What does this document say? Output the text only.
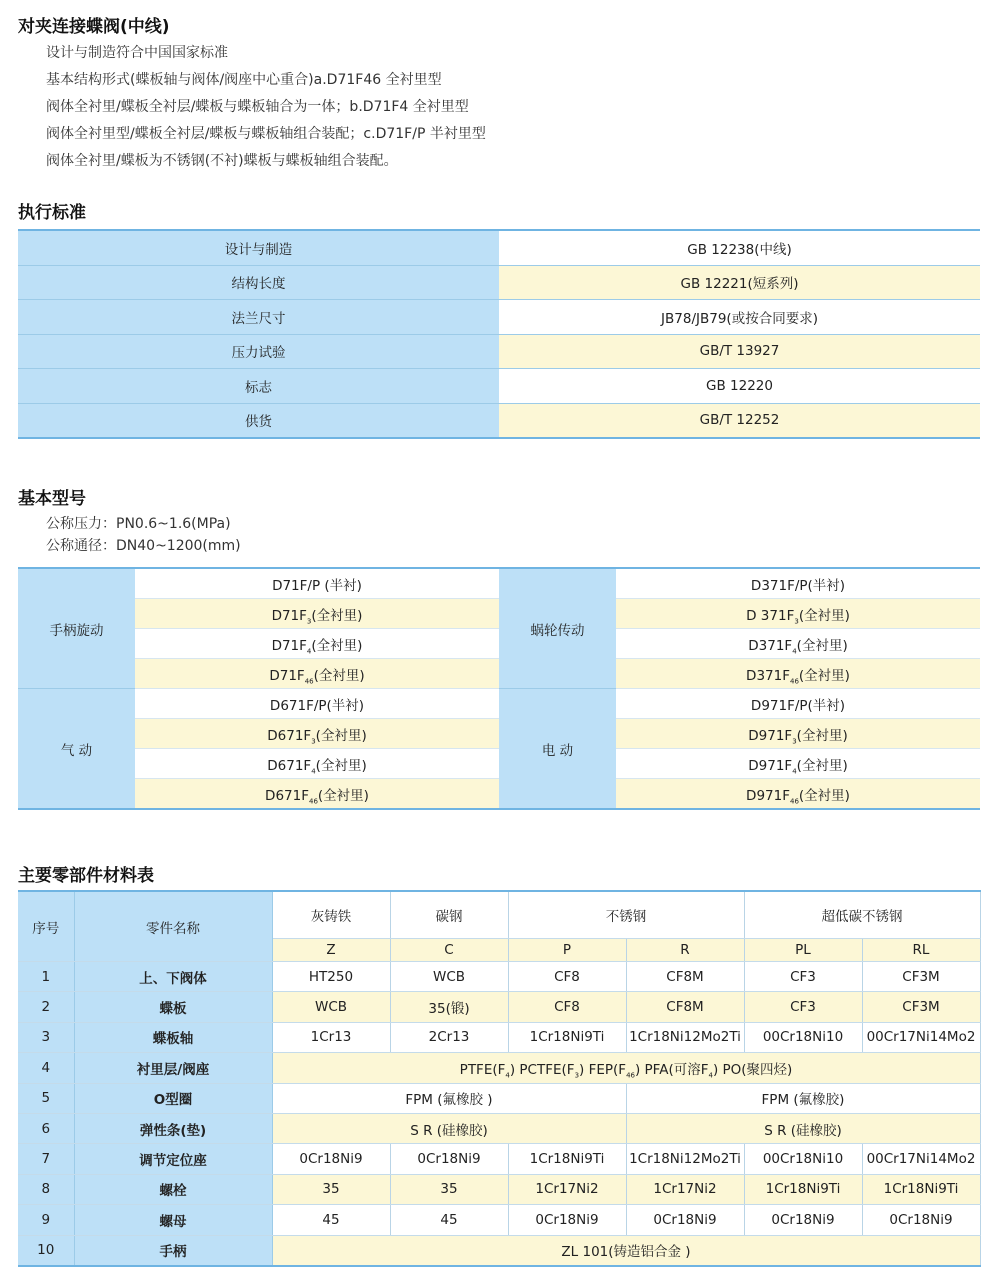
对夹连接蝶阀(中线)
设计与制造符合中国国家标准
基本结构形式(蝶板轴与阀体/阀座中心重合)a.D71F46 全衬里型
阀体全衬里/蝶板全衬层/蝶板与蝶板轴合为一体；b.D71F4 全衬里型
阀体全衬里型/蝶板全衬层/蝶板与蝶板轴组合装配；c.D71F/P 半衬里型
阀体全衬里/蝶板为不锈钢(不衬)蝶板与蝶板轴组合装配。
执行标准
设计与制造	GB 12238(中线)
结构长度	GB 12221(短系列)
法兰尺寸	JB78/JB79(或按合同要求)
压力试验	GB/T 13927
标志	GB 12220
供货	GB/T 12252
基本型号
公称压力：PN0.6~1.6(MPa)
公称通径：DN40~1200(mm)
手柄旋动	D71F/P (半衬)	蜗轮传动	D371F/P(半衬)
	$D71F_3$(全衬里)		D $371F_3$(全衬里)
	$D71F_4$(全衬里)		$D371F_4$(全衬里)
	$D71F_{46}$(全衬里)		$D371F_{46}$(全衬里)
气 动	D671F/P(半衬)	电 动	D971F/P(半衬)
	$D671F_3$(全衬里)		$D971F_3$(全衬里)
	$D671F_4$(全衬里)		$D971F_4$(全衬里)
	$D671F_{46}$(全衬里)		$D971F_{46}$(全衬里)
主要零部件材料表
序号	零件名称	灰铸铁	碳钢	不锈钢		超低碳不锈钢	
		Z	C	P	R	PL	RL
1	上、下阀体	HT250	WCB	CF8	CF8M	CF3	CF3M
2	蝶板	WCB	35(锻)	CF8	CF8M	CF3	CF3M
3	蝶板轴	1Cr13	2Cr13	1Cr18Ni9Ti	1Cr18Ni12Mo2Ti	00Cr18Ni10	00Cr17Ni14Mo2
4	衬里层/阀座	$PTFE(F_4)$ $PCTFE(F_3)$ $FEP(F_{46})$ PFA(可溶$F_4$) PO(聚四烃)					
5	O型圈	FPM (氟橡胶 )			FPM (氟橡胶)		
6	弹性条(垫)	S R (硅橡胶)			S R (硅橡胶)		
7	调节定位座	0Cr18Ni9	0Cr18Ni9	1Cr18Ni9Ti	1Cr18Ni12Mo2Ti	00Cr18Ni10	00Cr17Ni14Mo2
8	螺栓	35	35	1Cr17Ni2	1Cr17Ni2	1Cr18Ni9Ti	1Cr18Ni9Ti
9	螺母	45	45	0Cr18Ni9	0Cr18Ni9	0Cr18Ni9	0Cr18Ni9
10	手柄	ZL 101(铸造铝合金 )					
